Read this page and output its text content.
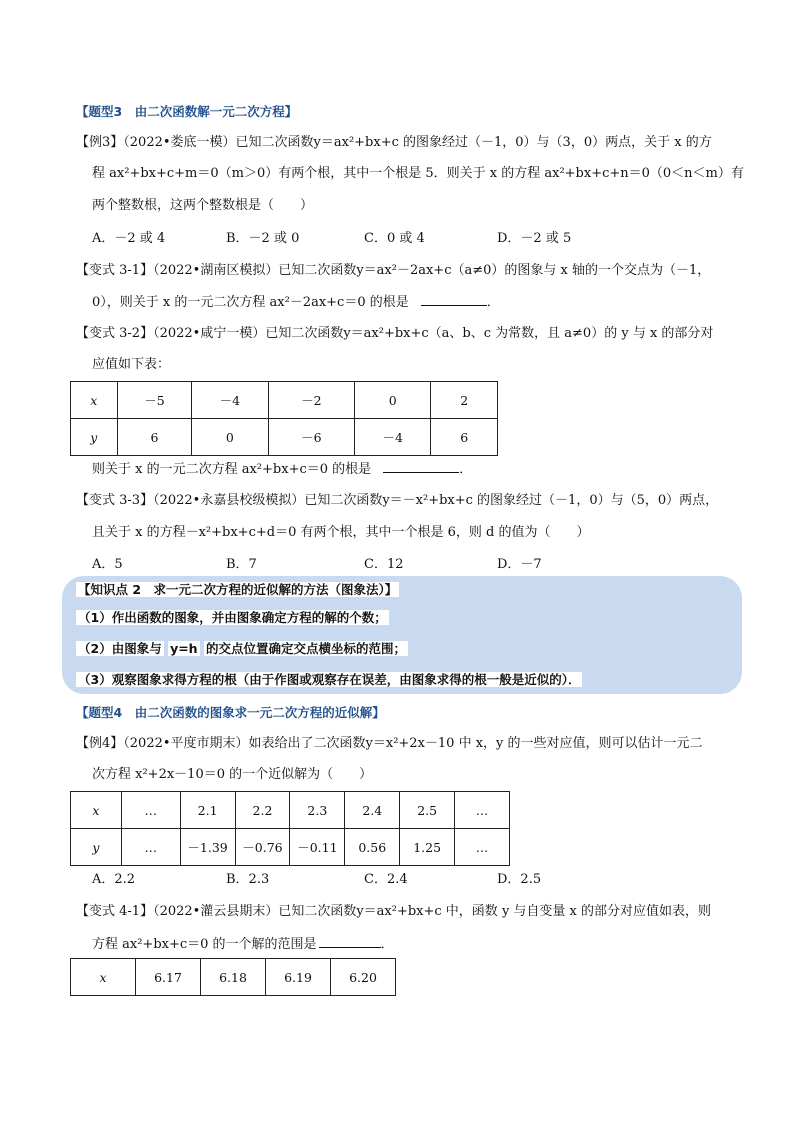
【题型3　由二次函数解一元二次方程】
【例3】（2022•娄底一模）已知二次函数y＝ax²+bx+c 的图象经过（－1，0）与（3，0）两点，关于 x 的方
程 ax²+bx+c+m＝0（m＞0）有两个根，其中一个根是 5．则关于 x 的方程 ax²+bx+c+n＝0（0＜n＜m）有
两个整数根，这两个整数根是（　　）
A．－2 或 4	B．－2 或 0	C．0 或 4	D．－2 或 5
【变式 3-1】（2022•湖南区模拟）已知二次函数y＝ax²－2ax+c（a≠0）的图象与 x 轴的一个交点为（－1，
0），则关于 x 的一元二次方程 ax²－2ax+c＝0 的根是	．
【变式 3-2】（2022•咸宁一模）已知二次函数y＝ax²+bx+c（a、b、c 为常数，且 a≠0）的 y 与 x 的部分对
应值如下表：
x	－5	－4	－2	0	2
y	6	0	－6	－4	6
则关于 x 的一元二次方程 ax²+bx+c＝0 的根是	．
【变式 3-3】（2022•永嘉县校级模拟）已知二次函数y＝－x²+bx+c 的图象经过（－1，0）与（5，0）两点，
且关于 x 的方程－x²+bx+c+d＝0 有两个根，其中一个根是 6，则 d 的值为（　　）
A．5	B．7	C．12	D．－7
【知识点 2　求一元二次方程的近似解的方法（图象法）】
（1）作出函数的图象，并由图象确定方程的解的个数；
（2）由图象与 y=h 的交点位置确定交点横坐标的范围；
（3）观察图象求得方程的根（由于作图或观察存在误差，由图象求得的根一般是近似的）．
【题型4　由二次函数的图象求一元二次方程的近似解】
【例4】（2022•平度市期末）如表给出了二次函数y＝x²+2x－10 中 x，y 的一些对应值，则可以估计一元二
次方程 x²+2x－10＝0 的一个近似解为（　　）
x	…	2.1	2.2	2.3	2.4	2.5	…
y	…	－1.39	－0.76	－0.11	0.56	1.25	…
A．2.2	B．2.3	C．2.4	D．2.5
【变式 4-1】（2022•灌云县期末）已知二次函数y＝ax²+bx+c 中，函数 y 与自变量 x 的部分对应值如表，则
方程 ax²+bx+c＝0 的一个解的范围是	．
x	6.17	6.18	6.19	6.20
